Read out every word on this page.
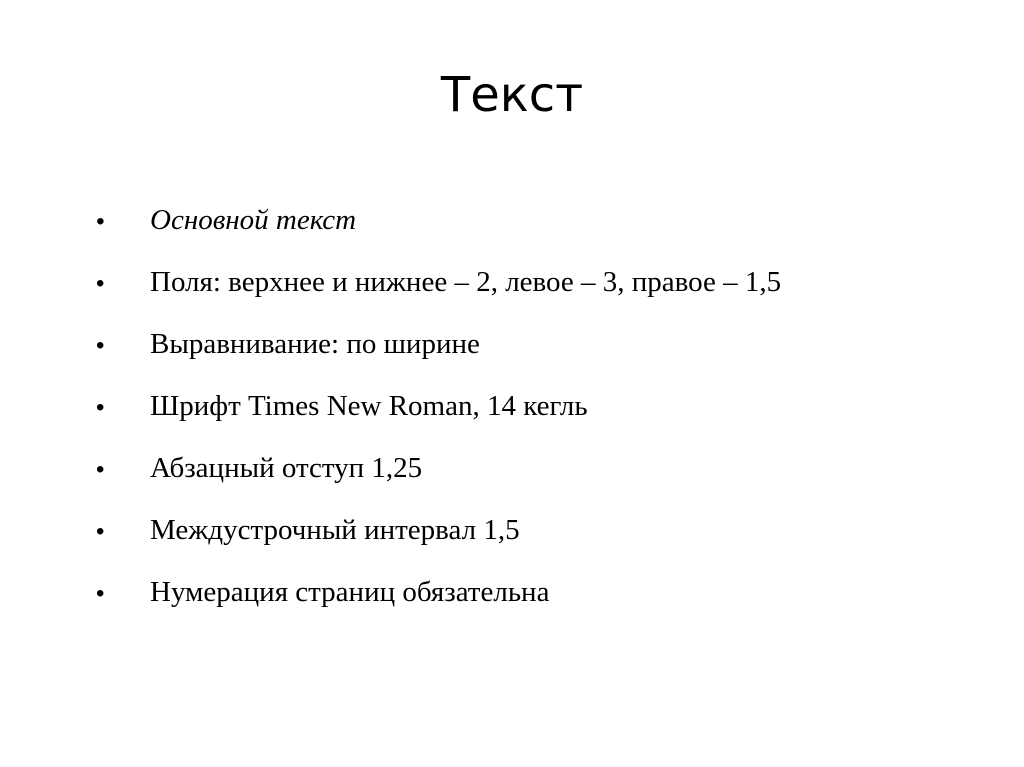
Текст
•	Основной текст
•	Поля: верхнее и нижнее – 2, левое – 3, правое – 1,5
•	Выравнивание: по ширине
•	Шрифт Times New Roman, 14 кегль
•	Абзацный отступ 1,25
•	Междустрочный интервал 1,5
•	Нумерация страниц обязательна
